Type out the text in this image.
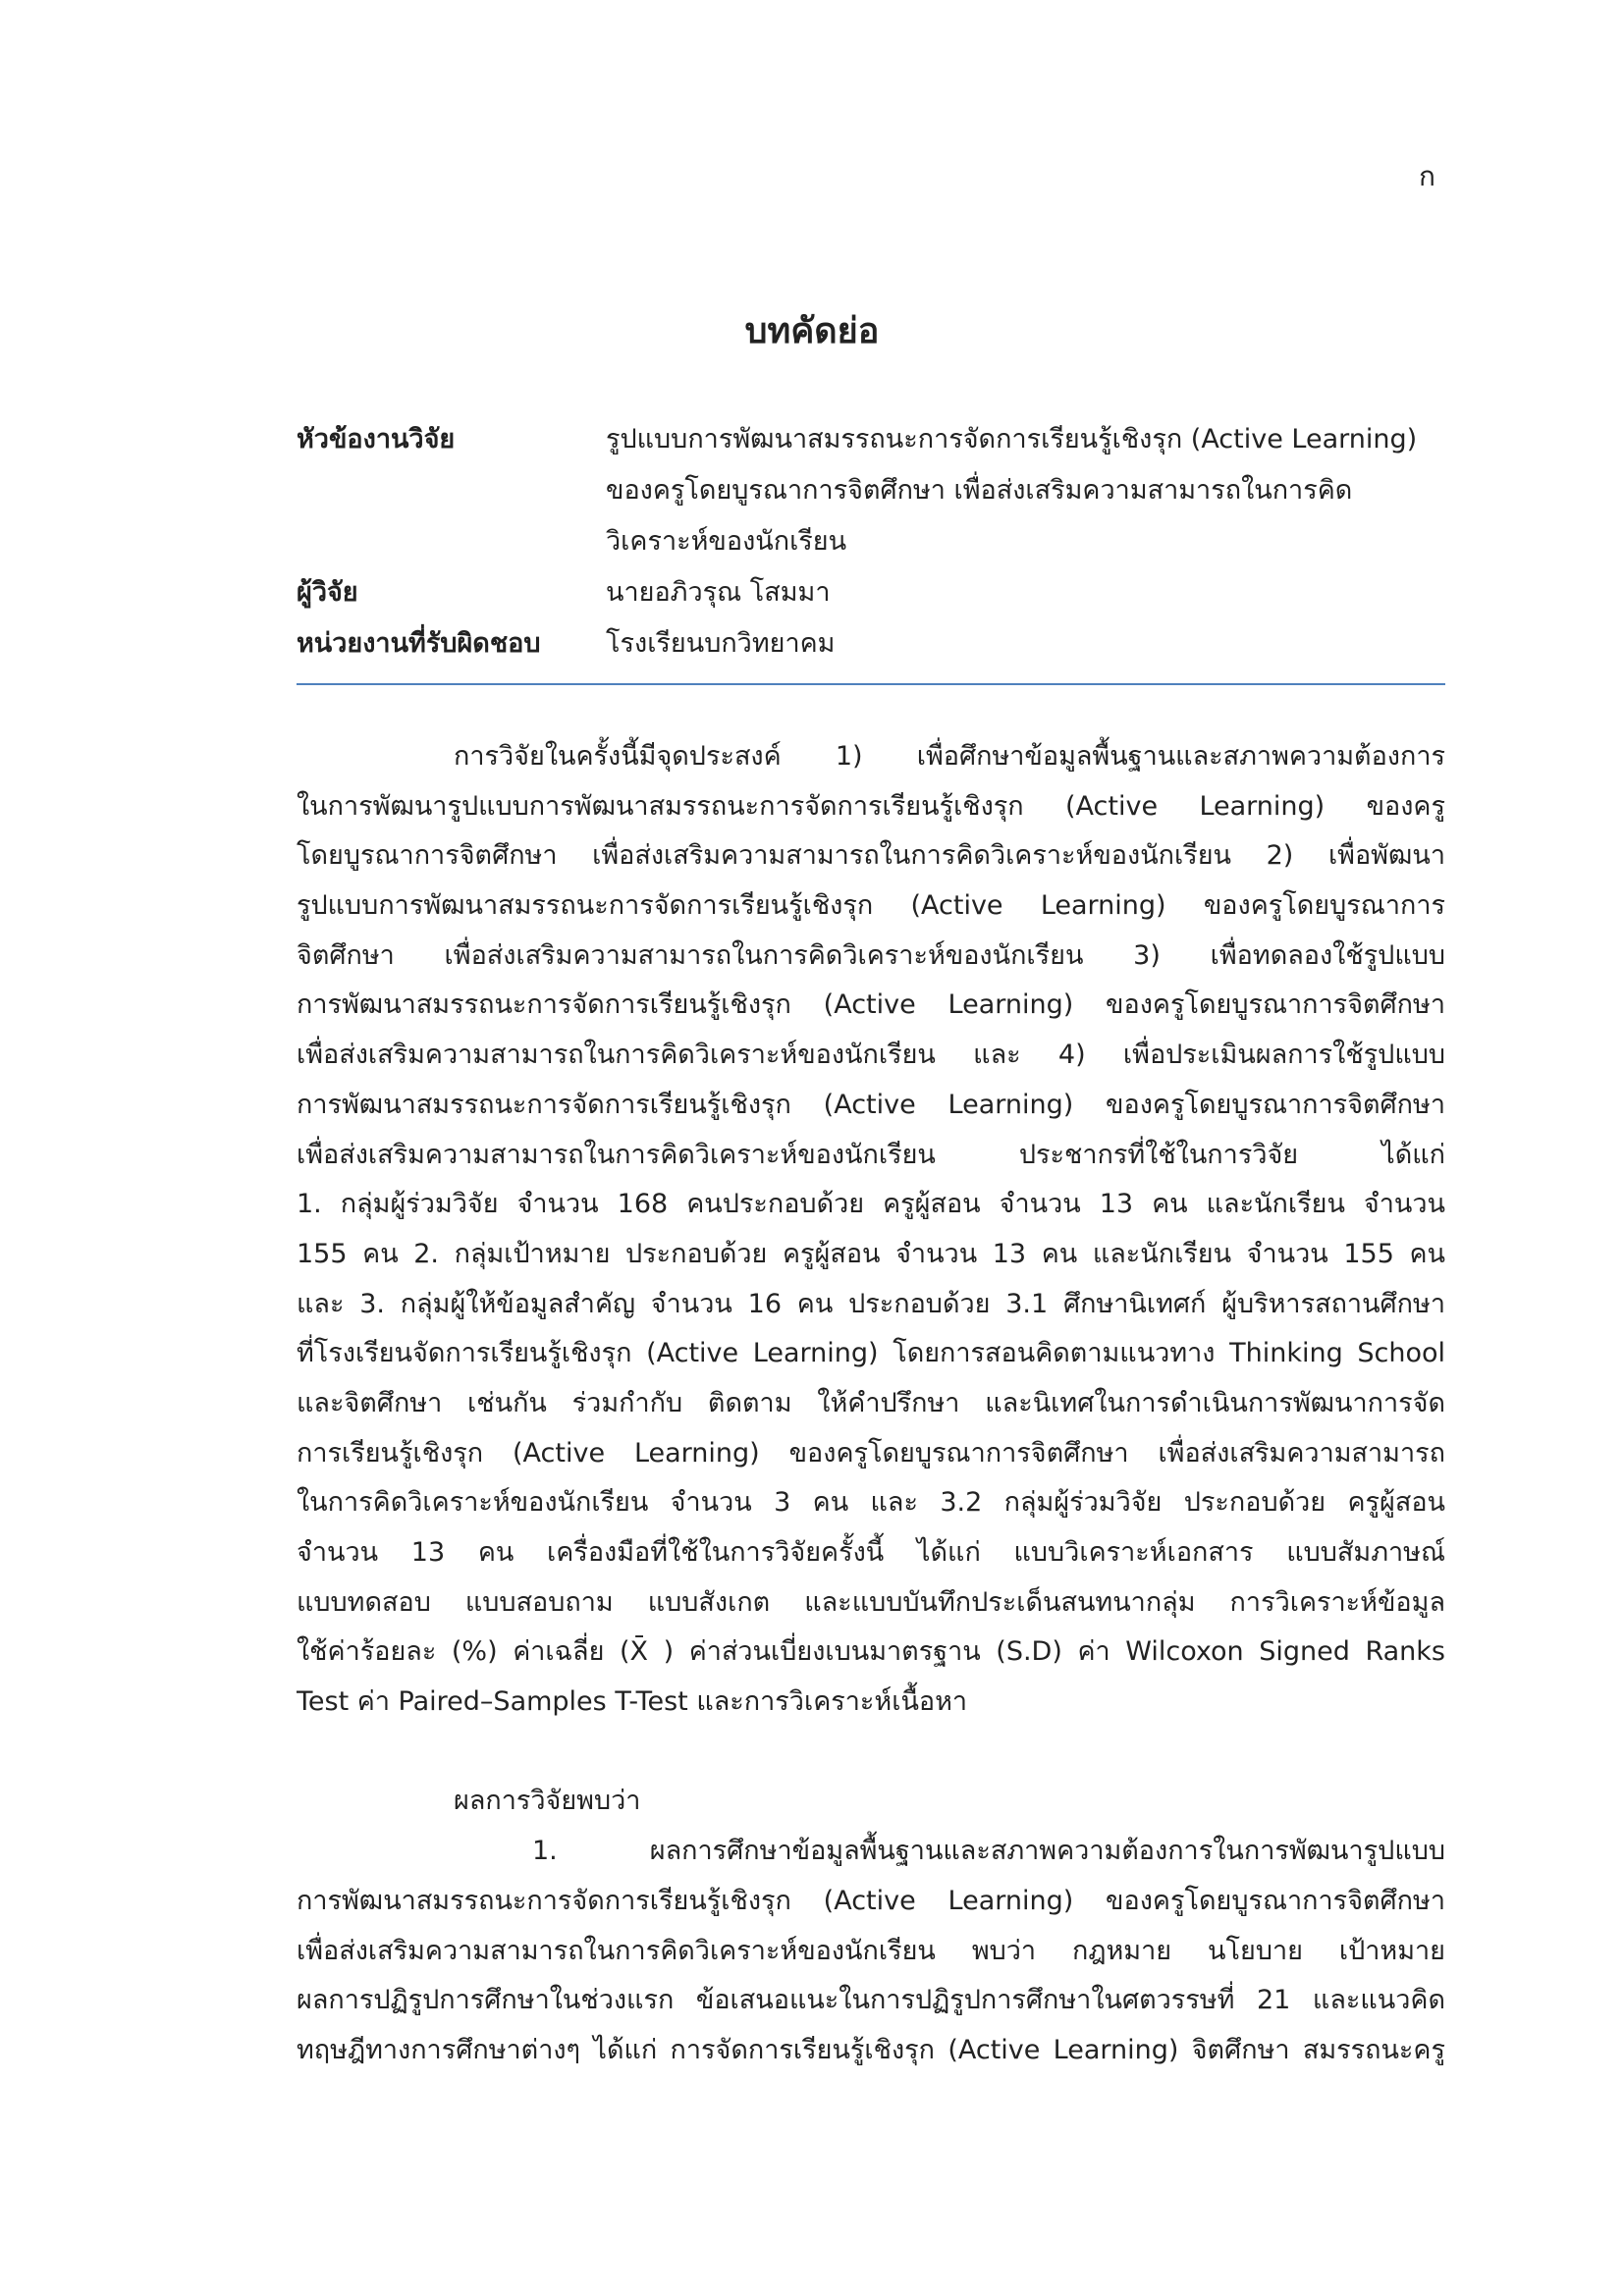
ก
บทคัดย่อ
หัวข้องานวิจัย	รูปแบบการพัฒนาสมรรถนะการจัดการเรียนรู้เชิงรุก (Active Learning)
ของครูโดยบูรณาการจิตศึกษา เพื่อส่งเสริมความสามารถในการคิด
วิเคราะห์ของนักเรียน
ผู้วิจัย	นายอภิวรุณ โสมมา
หน่วยงานที่รับผิดชอบ	โรงเรียนบกวิทยาคม
การวิจัยในครั้งนี้มีจุดประสงค์ 1) เพื่อศึกษาข้อมูลพื้นฐานและสภาพความต้องการ
ในการพัฒนารูปแบบการพัฒนาสมรรถนะการจัดการเรียนรู้เชิงรุก (Active Learning) ของครู
โดยบูรณาการจิตศึกษา เพื่อส่งเสริมความสามารถในการคิดวิเคราะห์ของนักเรียน 2) เพื่อพัฒนา
รูปแบบการพัฒนาสมรรถนะการจัดการเรียนรู้เชิงรุก (Active Learning) ของครูโดยบูรณาการ
จิตศึกษา เพื่อส่งเสริมความสามารถในการคิดวิเคราะห์ของนักเรียน 3) เพื่อทดลองใช้รูปแบบ
การพัฒนาสมรรถนะการจัดการเรียนรู้เชิงรุก (Active Learning) ของครูโดยบูรณาการจิตศึกษา
เพื่อส่งเสริมความสามารถในการคิดวิเคราะห์ของนักเรียน และ 4) เพื่อประเมินผลการใช้รูปแบบ
การพัฒนาสมรรถนะการจัดการเรียนรู้เชิงรุก (Active Learning) ของครูโดยบูรณาการจิตศึกษา
เพื่อส่งเสริมความสามารถในการคิดวิเคราะห์ของนักเรียน ประชากรที่ใช้ในการวิจัย ได้แก่
1. กลุ่มผู้ร่วมวิจัย จำนวน 168 คนประกอบด้วย ครูผู้สอน จำนวน 13 คน และนักเรียน จำนวน
155 คน 2. กลุ่มเป้าหมาย ประกอบด้วย ครูผู้สอน จำนวน 13 คน และนักเรียน จำนวน 155 คน
และ 3. กลุ่มผู้ให้ข้อมูลสำคัญ จำนวน 16 คน ประกอบด้วย 3.1 ศึกษานิเทศก์ ผู้บริหารสถานศึกษา
ที่โรงเรียนจัดการเรียนรู้เชิงรุก (Active Learning) โดยการสอนคิดตามแนวทาง Thinking School
และจิตศึกษา เช่นกัน ร่วมกำกับ ติดตาม ให้คำปรึกษา และนิเทศในการดำเนินการพัฒนาการจัด
การเรียนรู้เชิงรุก (Active Learning) ของครูโดยบูรณาการจิตศึกษา เพื่อส่งเสริมความสามารถ
ในการคิดวิเคราะห์ของนักเรียน จำนวน 3 คน และ 3.2 กลุ่มผู้ร่วมวิจัย ประกอบด้วย ครูผู้สอน
จำนวน 13 คน เครื่องมือที่ใช้ในการวิจัยครั้งนี้ ได้แก่ แบบวิเคราะห์เอกสาร แบบสัมภาษณ์
แบบทดสอบ แบบสอบถาม แบบสังเกต และแบบบันทึกประเด็นสนทนากลุ่ม การวิเคราะห์ข้อมูล
ใช้ค่าร้อยละ (%) ค่าเฉลี่ย (X̄ ) ค่าส่วนเบี่ยงเบนมาตรฐาน (S.D) ค่า Wilcoxon Signed Ranks
Test ค่า Paired–Samples T-Test และการวิเคราะห์เนื้อหา
ผลการวิจัยพบว่า
1. ผลการศึกษาข้อมูลพื้นฐานและสภาพความต้องการในการพัฒนารูปแบบ
การพัฒนาสมรรถนะการจัดการเรียนรู้เชิงรุก (Active Learning) ของครูโดยบูรณาการจิตศึกษา
เพื่อส่งเสริมความสามารถในการคิดวิเคราะห์ของนักเรียน พบว่า กฎหมาย นโยบาย เป้าหมาย
ผลการปฏิรูปการศึกษาในช่วงแรก ข้อเสนอแนะในการปฏิรูปการศึกษาในศตวรรษที่ 21 และแนวคิด
ทฤษฎีทางการศึกษาต่างๆ ได้แก่ การจัดการเรียนรู้เชิงรุก (Active Learning) จิตศึกษา สมรรถนะครู
